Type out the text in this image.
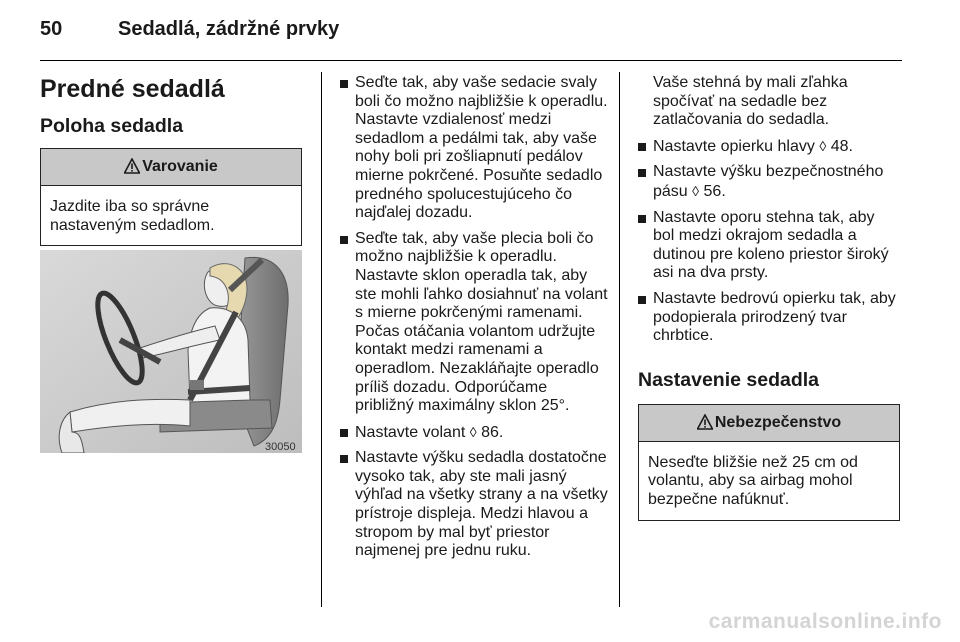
50	Sedadlá, zádržné prvky
Predné sedadlá
Poloha sedadla
Varovanie
Jazdite iba so správne nastaveným sedadlom.
30050
Seďte tak, aby vaše sedacie svaly boli čo možno najbližšie k operadlu. Nastavte vzdialenosť medzi sedadlom a pedálmi tak, aby vaše nohy boli pri zošliapnutí pedálov mierne pokrčené. Posuňte sedadlo predného spolucestujúceho čo najďalej dozadu.
Seďte tak, aby vaše plecia boli čo možno najbližšie k operadlu. Nastavte sklon operadla tak, aby ste mohli ľahko dosiahnuť na volant s mierne pokrčenými ramenami. Počas otáčania volantom udržujte kontakt medzi ramenami a operadlom. Nezakláňajte operadlo príliš dozadu. Odporúčame približný maximálny sklon 25°.
Nastavte volant ◊ 86.
Nastavte výšku sedadla dostatočne vysoko tak, aby ste mali jasný výhľad na všetky strany a na všetky prístroje displeja. Medzi hlavou a stropom by mal byť priestor najmenej pre jednu ruku.

Vaše stehná by mali zľahka spočívať na sedadle bez zatlačovania do sedadla.

Nastavte opierku hlavy ◊ 48.
Nastavte výšku bezpečnostného pásu ◊ 56.
Nastavte oporu stehna tak, aby bol medzi okrajom sedadla a dutinou pre koleno priestor široký asi na dva prsty.
Nastavte bedrovú opierku tak, aby podopierala prirodzený tvar chrbtice.
Nastavenie sedadla
Nebezpečenstvo
Neseďte bližšie než 25 cm od volantu, aby sa airbag mohol bezpečne nafúknuť.
carmanualsonline.info
